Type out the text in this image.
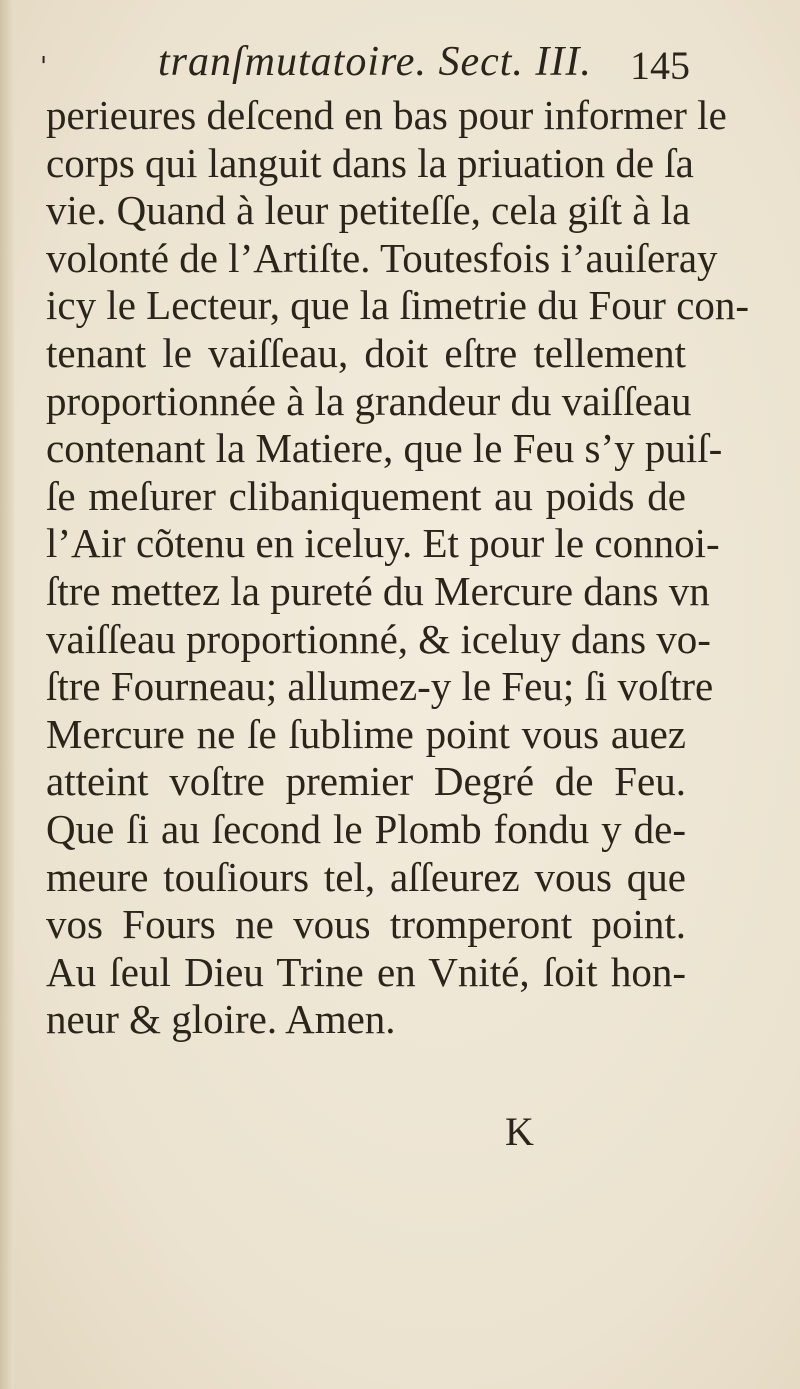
'	tranſmutatoire. Sect. III. 145
perieures deſcend en bas pour informer le
corps qui languit dans la priuation de ſa
vie. Quand à leur petiteſſe, cela giſt à la
volonté de l’Artiſte. Toutesfois i’auiſeray
icy le Lecteur, que la ſimetrie du Four con-
tenant le vaiſſeau, doit eſtre tellement
proportionnée à la grandeur du vaiſſeau
contenant la Matiere, que le Feu s’y puiſ-
ſe meſurer clibaniquement au poids de
l’Air cõtenu en iceluy. Et pour le connoi-
ſtre mettez la pureté du Mercure dans vn
vaiſſeau proportionné, & iceluy dans vo-
ſtre Fourneau; allumez-y le Feu; ſi voſtre
Mercure ne ſe ſublime point vous auez
atteint voſtre premier Degré de Feu.
Que ſi au ſecond le Plomb fondu y de-
meure touſiours tel, aſſeurez vous que
vos Fours ne vous tromperont point.
Au ſeul Dieu Trine en Vnité, ſoit hon-
neur & gloire. Amen.
K
